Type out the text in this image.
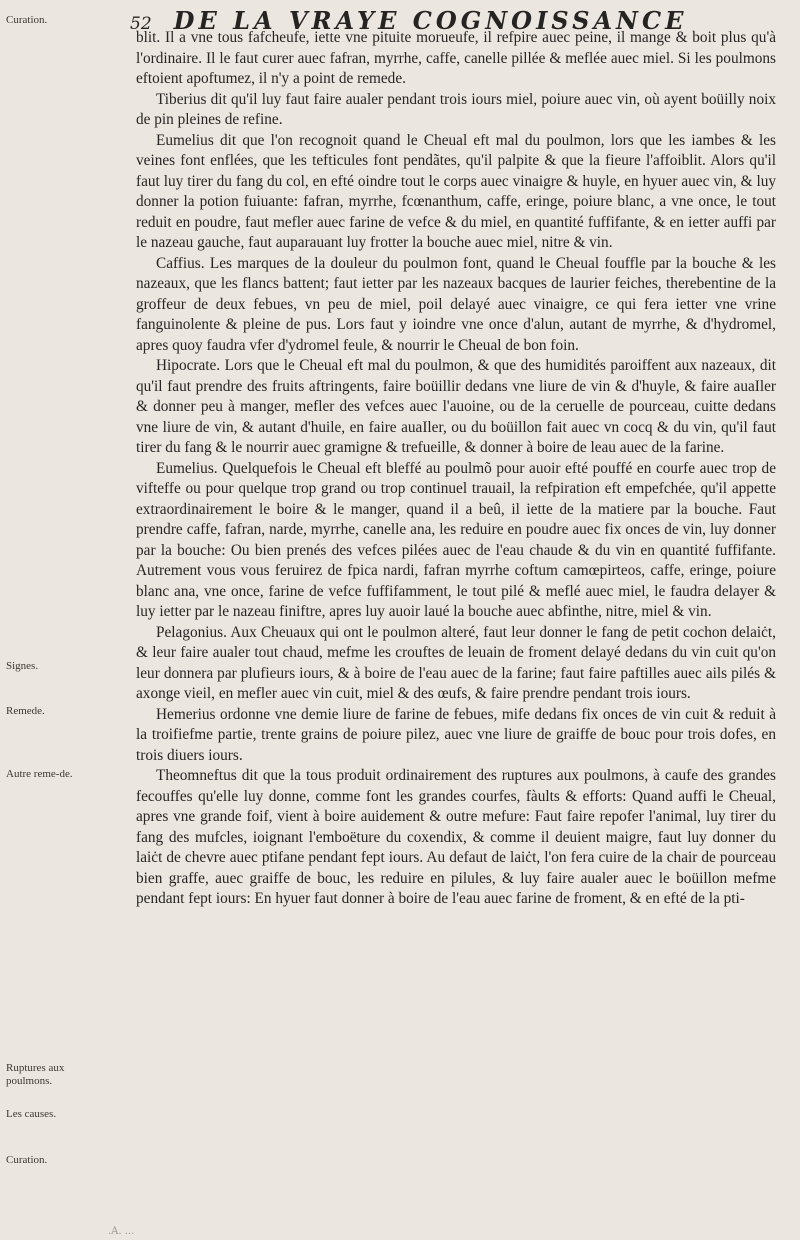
52 DE LA VRAYE COGNOISSANCE
Curation.
Signes.
Remede.
Autre reme-de.
Ruptures aux poulmons.
Les causes.
Curation.

blit. Il a vne tous fafcheufe, iette vne pituite morueufe, il refpire auec peine, il mange & boit plus qu'à l'ordinaire. Il le faut curer auec fafran, myrrhe, caffe, canelle pillée & meflée auec miel. Si les poulmons eftoient apoftumez, il n'y a point de remede.

Tiberius dit qu'il luy faut faire aualer pendant trois iours miel, poiure auec vin, où ayent boüilly noix de pin pleines de refine.

Eumelius dit que l'on recognoit quand le Cheual eft mal du poulmon, lors que les iambes & les veines font enflées, que les tefticules font pendãtes, qu'il palpite & que la fieure l'affoiblit. Alors qu'il faut luy tirer du fang du col, en efté oindre tout le corps auec vinaigre & huyle, en hyuer auec vin, & luy donner la potion fuiuante: fafran, myrrhe, fcœnanthum, caffe, eringe, poiure blanc, a vne once, le tout reduit en poudre, faut mefler auec farine de vefce & du miel, en quantité fuffifante, & en ietter auffi par le nazeau gauche, faut auparauant luy frotter la bouche auec miel, nitre & vin.

Caffius. Les marques de la douleur du poulmon font, quand le Cheual fouffle par la bouche & les nazeaux, que les flancs battent; faut ietter par les nazeaux bacques de laurier feiches, therebentine de la groffeur de deux febues, vn peu de miel, poil delayé auec vinaigre, ce qui fera ietter vne vrine fanguinolente & pleine de pus. Lors faut y ioindre vne once d'alun, autant de myrrhe, & d'hydromel, apres quoy faudra vfer d'ydromel feule, & nourrir le Cheual de bon foin.

Hipocrate. Lors que le Cheual eft mal du poulmon, & que des humidités paroiffent aux nazeaux, dit qu'il faut prendre des fruits aftringents, faire boüillir dedans vne liure de vin & d'huyle, & faire auaIler & donner peu à manger, mefler des vefces auec l'auoine, ou de la ceruelle de pourceau, cuitte dedans vne liure de vin, & autant d'huile, en faire auaIler, ou du boüillon fait auec vn cocq & du vin, qu'il faut tirer du fang & le nourrir auec gramigne & trefueille, & donner à boire de leau auec de la farine.

Eumelius. Quelquefois le Cheual eft bleffé au poulmõ pour auoir efté pouffé en courfe auec trop de vifteffe ou pour quelque trop grand ou trop continuel trauail, la refpiration eft empefchée, qu'il appette extraordinairement le boire & le manger, quand il a beû, il iette de la matiere par la bouche. Faut prendre caffe, fafran, narde, myrrhe, canelle ana, les reduire en poudre auec fix onces de vin, luy donner par la bouche: Ou bien prenés des vefces pilées auec de l'eau chaude & du vin en quantité fuffifante. Autrement vous vous feruirez de fpica nardi, fafran myrrhe coftum camœpirteos, caffe, eringe, poiure blanc ana, vne once, farine de vefce fuffifamment, le tout pilé & meflé auec miel, le faudra delayer & luy ietter par le nazeau finiftre, apres luy auoir laué la bouche auec abfinthe, nitre, miel & vin.

Pelagonius. Aux Cheuaux qui ont le poulmon alteré, faut leur donner le fang de petit cochon delaiċt, & leur faire aualer tout chaud, mefme les crouftes de leuain de froment delayé dedans du vin cuit qu'on leur donnera par plufieurs iours, & à boire de l'eau auec de la farine; faut faire paftilles auec ails pilés & axonge vieil, en mefler auec vin cuit, miel & des œufs, & faire prendre pendant trois iours.

Hemerius ordonne vne demie liure de farine de febues, mife dedans fix onces de vin cuit & reduit à la troifiefme partie, trente grains de poiure pilez, auec vne liure de graiffe de bouc pour trois dofes, en trois diuers iours.

Theomneftus dit que la tous produit ordinairement des ruptures aux poulmons, à caufe des grandes fecouffes qu'elle luy donne, comme font les grandes courfes, fàults & efforts: Quand auffi le Cheual, apres vne grande foif, vient à boire auidement & outre mefure: Faut faire repofer l'animal, luy tirer du fang des mufcles, ioignant l'emboëture du coxendix, & comme il deuient maigre, faut luy donner du laiċt de chevre auec ptifane pendant fept iours. Au defaut de laiċt, l'on fera cuire de la chair de pourceau bien graffe, auec graiffe de bouc, les reduire en pilules, & luy faire aualer auec le boüillon mefme pendant fept iours: En hyuer faut donner à boire de l'eau auec farine de froment, & en efté de la pti-

.A. ...
